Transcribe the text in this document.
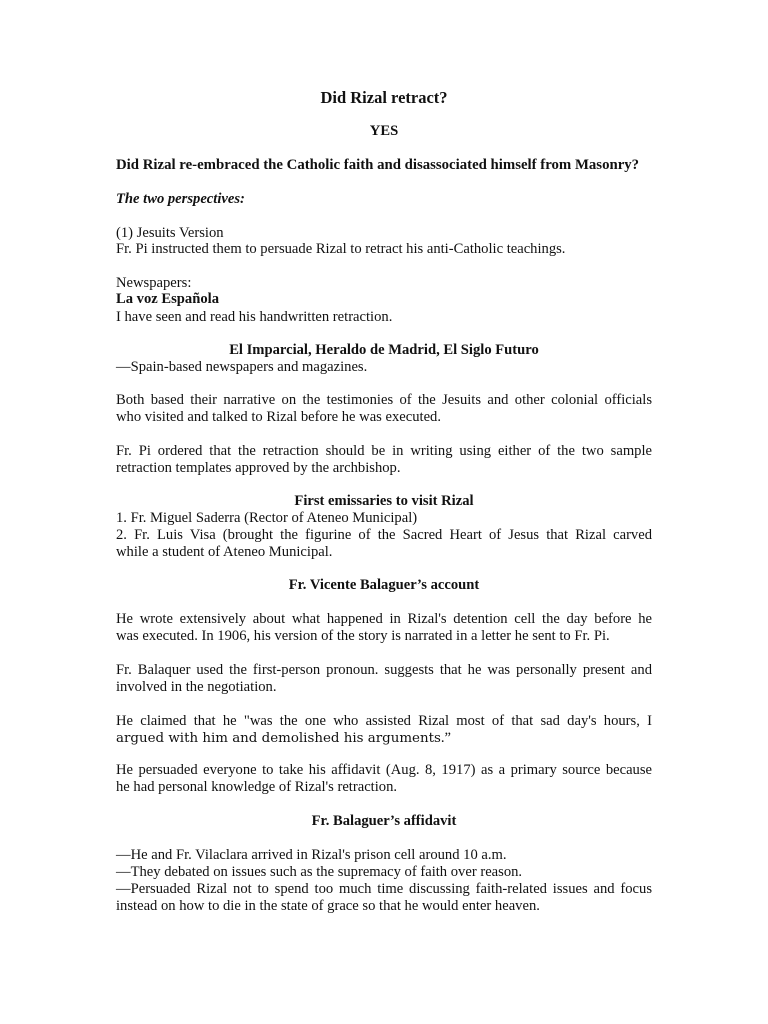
Did Rizal retract?
YES
Did Rizal re-embraced the Catholic faith and disassociated himself from Masonry?
The two perspectives:
(1) Jesuits Version
Fr. Pi instructed them to persuade Rizal to retract his anti-Catholic teachings.
Newspapers:
La voz Española
I have seen and read his handwritten retraction.
El Imparcial, Heraldo de Madrid, El Siglo Futuro
—Spain-based newspapers and magazines.
Both based their narrative on the testimonies of the Jesuits and other colonial officials
who visited and talked to Rizal before he was executed.
Fr. Pi ordered that the retraction should be in writing using either of the two sample
retraction templates approved by the archbishop.
First emissaries to visit Rizal
1. Fr. Miguel Saderra (Rector of Ateneo Municipal)
2. Fr. Luis Visa (brought the figurine of the Sacred Heart of Jesus that Rizal carved
while a student of Ateneo Municipal.
Fr. Vicente Balaguer’s account
He wrote extensively about what happened in Rizal's detention cell the day before he
was executed. In 1906, his version of the story is narrated in a letter he sent to Fr. Pi.
Fr. Balaquer used the first-person pronoun. suggests that he was personally present and
involved in the negotiation.
He claimed that he "was the one who assisted Rizal most of that sad day's hours, I
argued with him and demolished his arguments.”
He persuaded everyone to take his affidavit (Aug. 8, 1917) as a primary source because
he had personal knowledge of Rizal's retraction.
Fr. Balaguer’s affidavit
—He and Fr. Vilaclara arrived in Rizal's prison cell around 10 a.m.
—They debated on issues such as the supremacy of faith over reason.
—Persuaded Rizal not to spend too much time discussing faith-related issues and focus
instead on how to die in the state of grace so that he would enter heaven.
